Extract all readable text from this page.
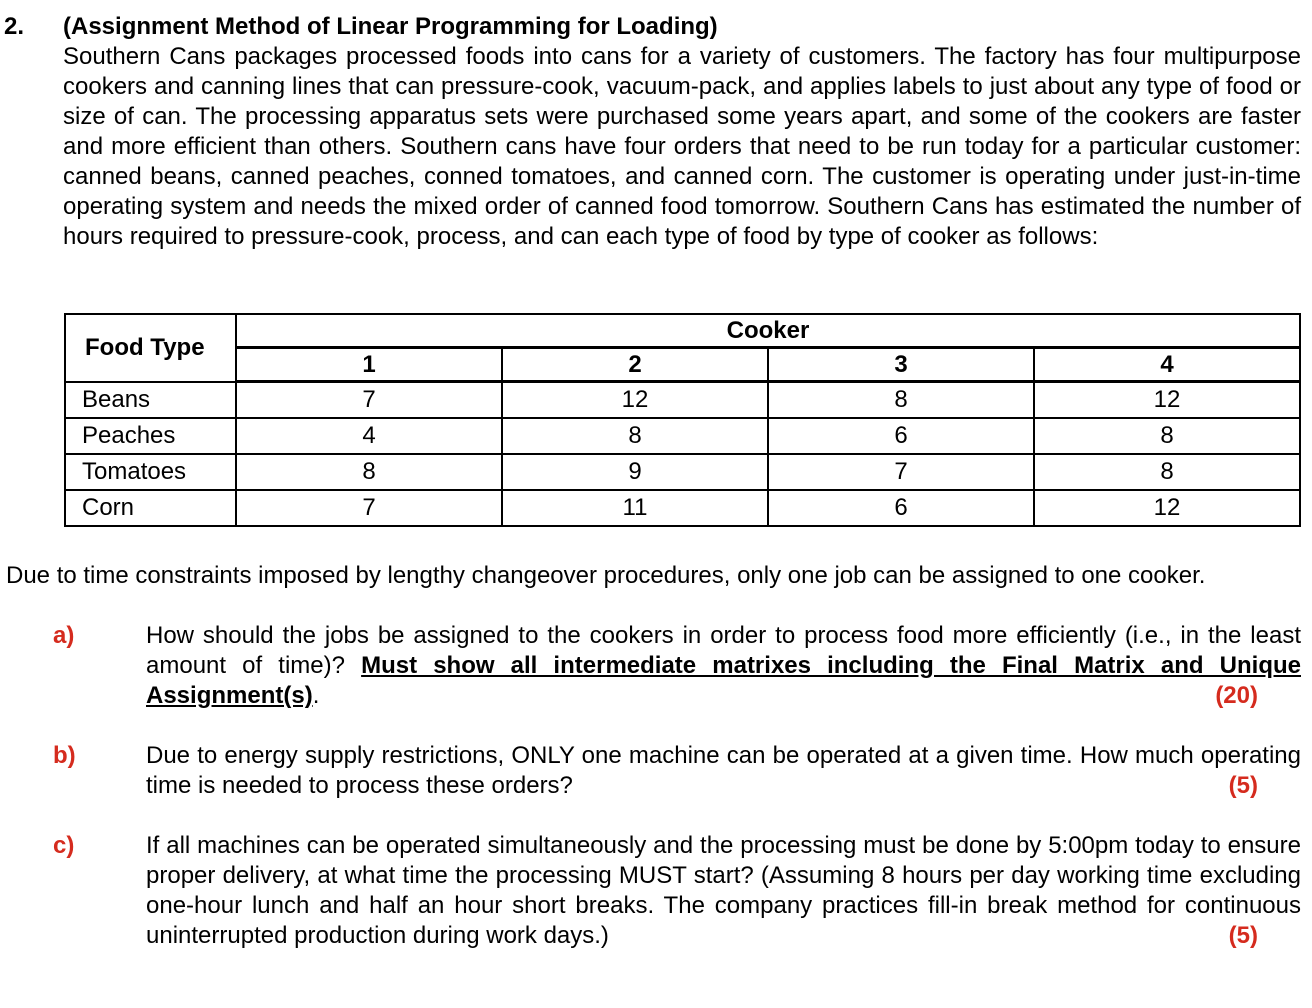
2. (Assignment Method of Linear Programming for Loading)
Southern Cans packages processed foods into cans for a variety of customers. The factory has four multipurpose cookers and canning lines that can pressure-cook, vacuum-pack, and applies labels to just about any type of food or size of can. The processing apparatus sets were purchased some years apart, and some of the cookers are faster and more efficient than others. Southern cans have four orders that need to be run today for a particular customer: canned beans, canned peaches, conned tomatoes, and canned corn. The customer is operating under just-in-time operating system and needs the mixed order of canned food tomorrow. Southern Cans has estimated the number of hours required to pressure-cook, process, and can each type of food by type of cooker as follows:
Food Type	Cooker			
	1	2	3	4
Beans	7	12	8	12
Peaches	4	8	6	8
Tomatoes	8	9	7	8
Corn	7	11	6	12
Due to time constraints imposed by lengthy changeover procedures, only one job can be assigned to one cooker.
a)	How should the jobs be assigned to the cookers in order to process food more efficiently (i.e., in the least amount of time)? Must show all intermediate matrixes including the Final Matrix and Unique Assignment(s).	(20)
b)	Due to energy supply restrictions, ONLY one machine can be operated at a given time. How much operating time is needed to process these orders?	(5)
c)	If all machines can be operated simultaneously and the processing must be done by 5:00pm today to ensure proper delivery, at what time the processing MUST start? (Assuming 8 hours per day working time excluding one-hour lunch and half an hour short breaks. The company practices fill-in break method for continuous uninterrupted production during work days.)	(5)
